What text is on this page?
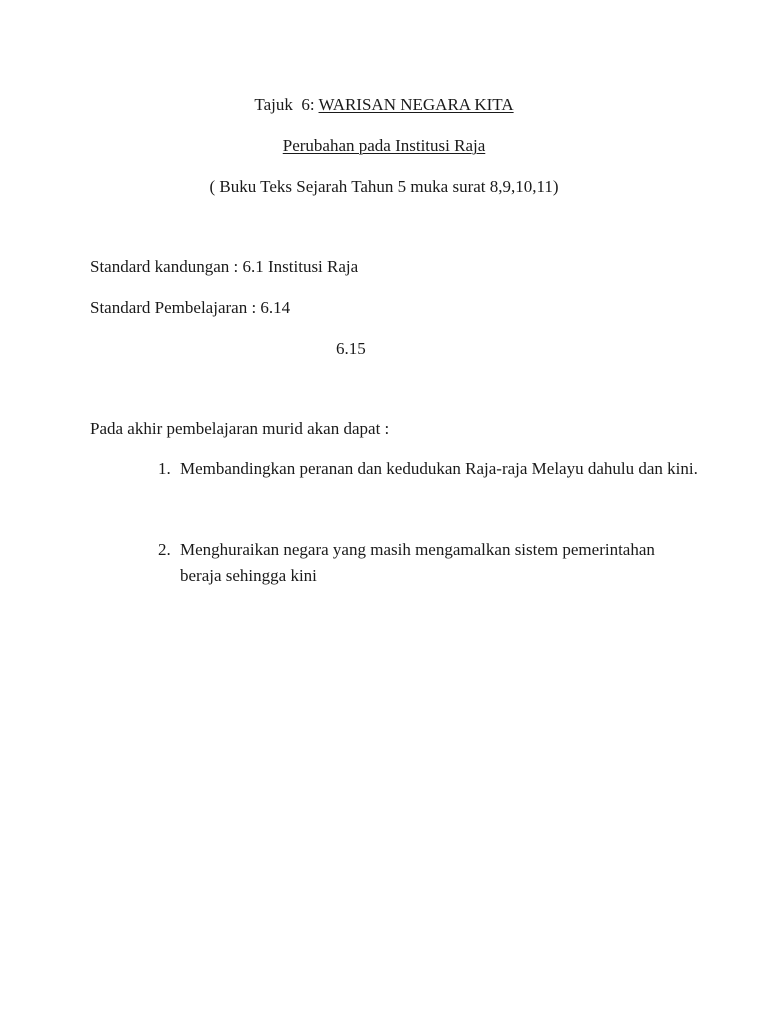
Tajuk  6: WARISAN NEGARA KITA
Perubahan pada Institusi Raja
( Buku Teks Sejarah Tahun 5 muka surat 8,9,10,11)
Standard kandungan : 6.1 Institusi Raja
Standard Pembelajaran : 6.14
6.15
Pada akhir pembelajaran murid akan dapat :
1. Membandingkan peranan dan kedudukan Raja-raja Melayu dahulu dan kini.
2. Menghuraikan negara yang masih mengamalkan sistem pemerintahan beraja sehingga kini
